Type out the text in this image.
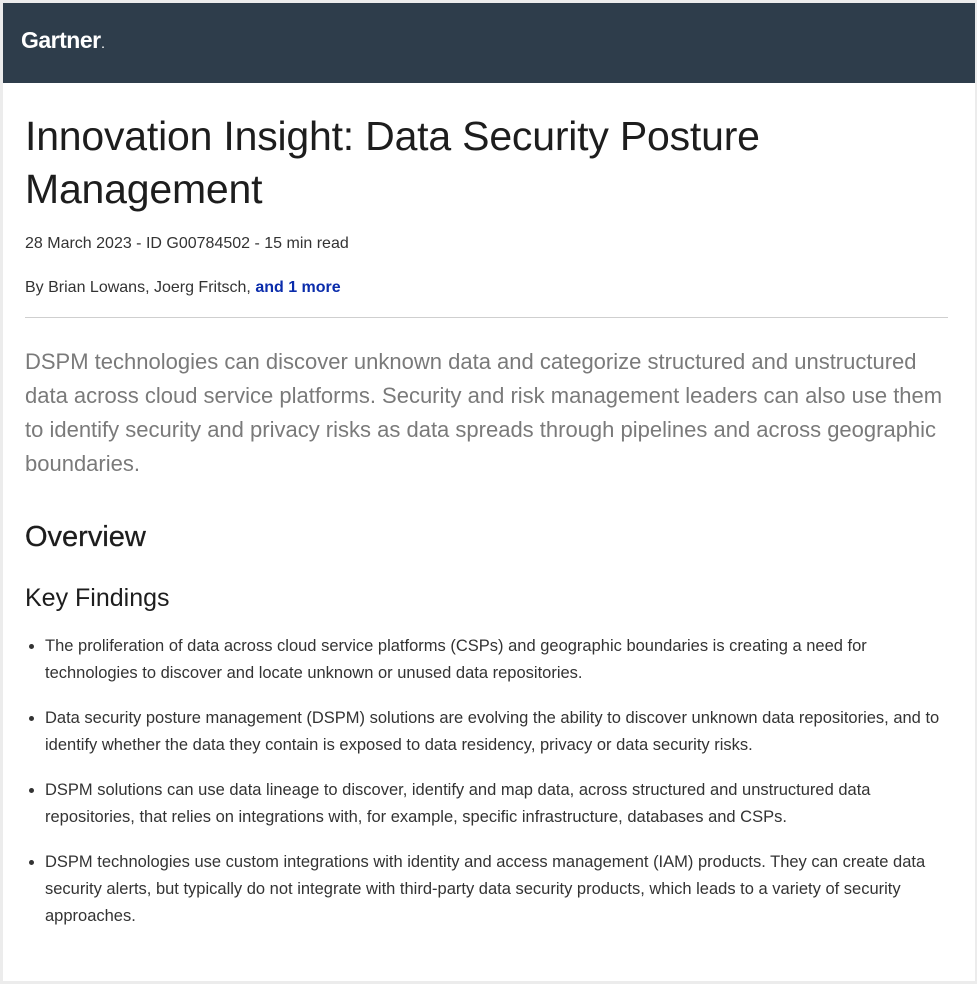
Gartner.
Innovation Insight: Data Security Posture Management
28 March 2023 - ID G00784502 - 15 min read
By Brian Lowans, Joerg Fritsch, and 1 more

DSPM technologies can discover unknown data and categorize structured and unstructured data across cloud service platforms. Security and risk management leaders can also use them to identify security and privacy risks as data spreads through pipelines and across geographic boundaries.

Overview
Key Findings
• The proliferation of data across cloud service platforms (CSPs) and geographic boundaries is creating a need for technologies to discover and locate unknown or unused data repositories.
• Data security posture management (DSPM) solutions are evolving the ability to discover unknown data repositories, and to identify whether the data they contain is exposed to data residency, privacy or data security risks.
• DSPM solutions can use data lineage to discover, identify and map data, across structured and unstructured data repositories, that relies on integrations with, for example, specific infrastructure, databases and CSPs.
• DSPM technologies use custom integrations with identity and access management (IAM) products. They can create data security alerts, but typically do not integrate with third-party data security products, which leads to a variety of security approaches.
